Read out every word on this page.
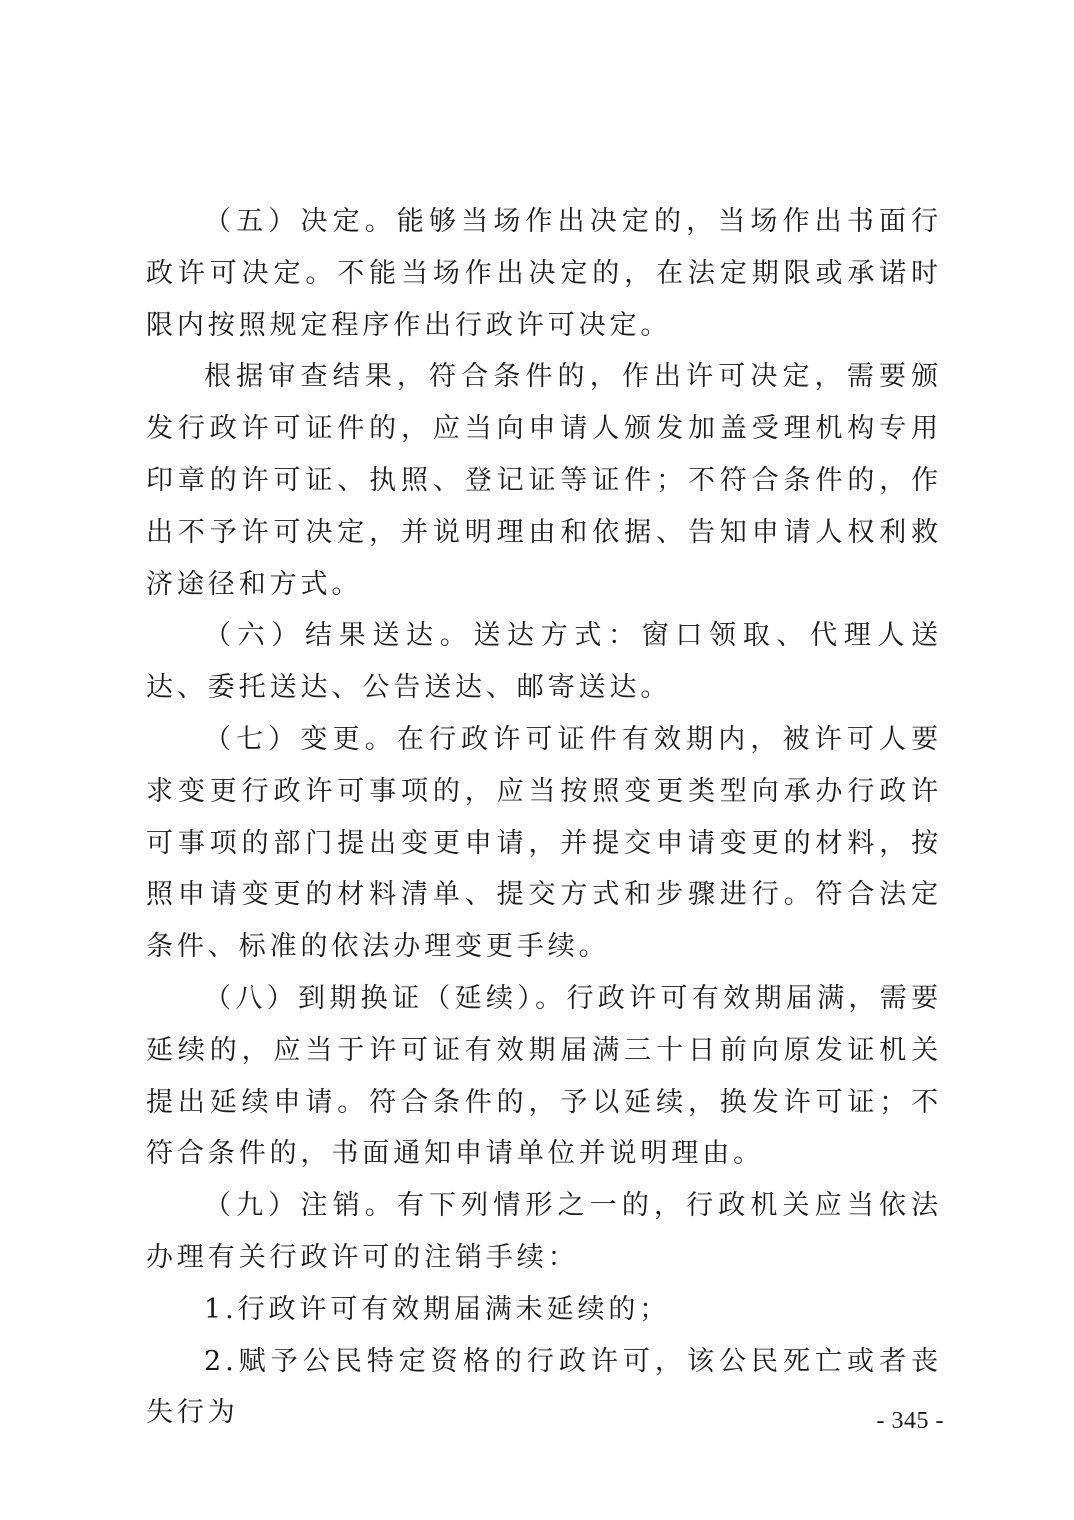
（五）决定。能够当场作出决定的，当场作出书面行政许可决定。不能当场作出决定的，在法定期限或承诺时限内按照规定程序作出行政许可决定。

根据审查结果，符合条件的，作出许可决定，需要颁发行政许可证件的，应当向申请人颁发加盖受理机构专用印章的许可证、执照、登记证等证件；不符合条件的，作出不予许可决定，并说明理由和依据、告知申请人权利救济途径和方式。

（六）结果送达。送达方式：窗口领取、代理人送达、委托送达、公告送达、邮寄送达。

（七）变更。在行政许可证件有效期内，被许可人要求变更行政许可事项的，应当按照变更类型向承办行政许可事项的部门提出变更申请，并提交申请变更的材料，按照申请变更的材料清单、提交方式和步骤进行。符合法定条件、标准的依法办理变更手续。

（八）到期换证（延续）。行政许可有效期届满，需要延续的，应当于许可证有效期届满三十日前向原发证机关提出延续申请。符合条件的，予以延续，换发许可证；不符合条件的，书面通知申请单位并说明理由。

（九）注销。有下列情形之一的，行政机关应当依法办理有关行政许可的注销手续：

1.行政许可有效期届满未延续的；

2.赋予公民特定资格的行政许可，该公民死亡或者丧失行为	- 345 -
